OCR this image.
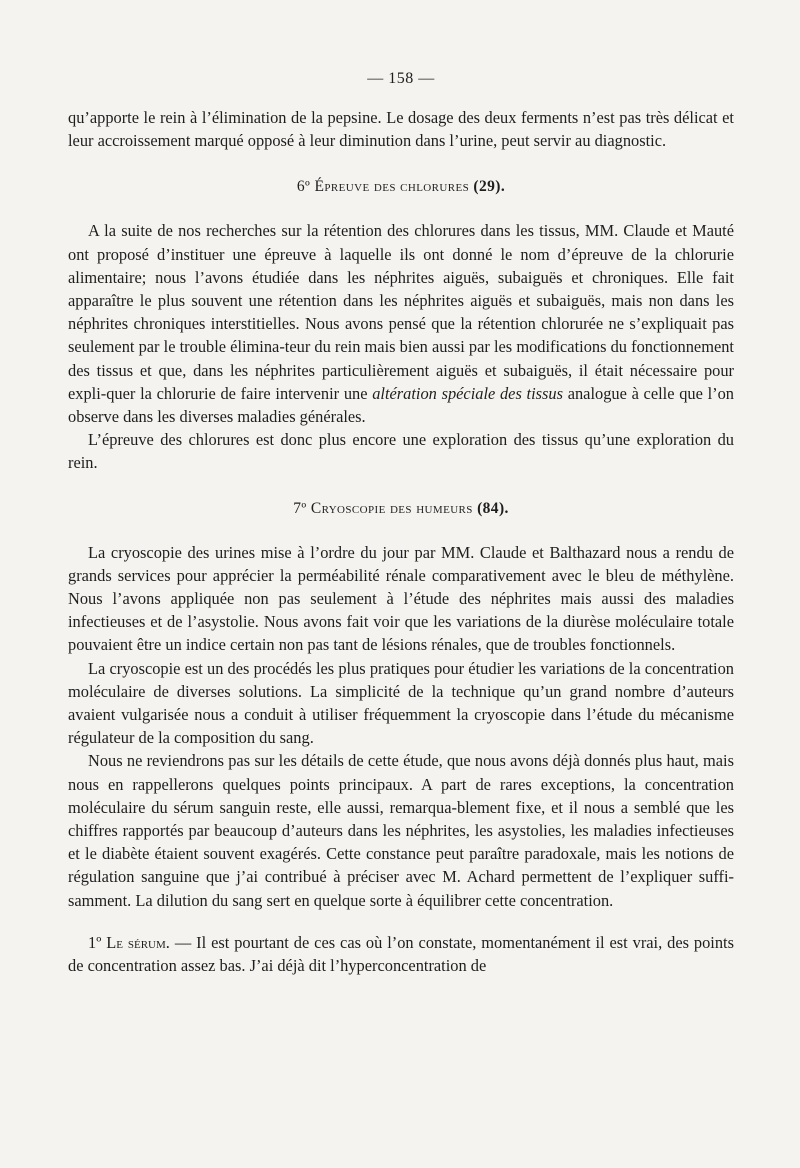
— 158 —

qu’apporte le rein à l’élimination de la pepsine. Le dosage des deux ferments n’est pas très délicat et leur accroissement marqué opposé à leur diminution dans l’urine, peut servir au diagnostic.

6º Épreuve des chlorures (29).

A la suite de nos recherches sur la rétention des chlorures dans les tissus, MM. Claude et Mauté ont proposé d’instituer une épreuve à laquelle ils ont donné le nom d’épreuve de la chlorurie alimentaire; nous l’avons étudiée dans les néphrites aiguës, subaiguës et chroniques. Elle fait apparaître le plus souvent une rétention dans les néphrites aiguës et subaiguës, mais non dans les néphrites chroniques interstitielles. Nous avons pensé que la rétention chlorurée ne s’expliquait pas seulement par le trouble élimina-teur du rein mais bien aussi par les modifications du fonctionnement des tissus et que, dans les néphrites particulièrement aiguës et subaiguës, il était nécessaire pour expli-quer la chlorurie de faire intervenir une altération spéciale des tissus analogue à celle que l’on observe dans les diverses maladies générales.

L’épreuve des chlorures est donc plus encore une exploration des tissus qu’une exploration du rein.

7º Cryoscopie des humeurs (84).

La cryoscopie des urines mise à l’ordre du jour par MM. Claude et Balthazard nous a rendu de grands services pour apprécier la perméabilité rénale comparativement avec le bleu de méthylène. Nous l’avons appliquée non pas seulement à l’étude des néphrites mais aussi des maladies infectieuses et de l’asystolie. Nous avons fait voir que les variations de la diurèse moléculaire totale pouvaient être un indice certain non pas tant de lésions rénales, que de troubles fonctionnels.

La cryoscopie est un des procédés les plus pratiques pour étudier les variations de la concentration moléculaire de diverses solutions. La simplicité de la technique qu’un grand nombre d’auteurs avaient vulgarisée nous a conduit à utiliser fréquemment la cryoscopie dans l’étude du mécanisme régulateur de la composition du sang.

Nous ne reviendrons pas sur les détails de cette étude, que nous avons déjà donnés plus haut, mais nous en rappellerons quelques points principaux. A part de rares exceptions, la concentration moléculaire du sérum sanguin reste, elle aussi, remarqua-blement fixe, et il nous a semblé que les chiffres rapportés par beaucoup d’auteurs dans les néphrites, les asystolies, les maladies infectieuses et le diabète étaient souvent exagérés. Cette constance peut paraître paradoxale, mais les notions de régulation sanguine que j’ai contribué à préciser avec M. Achard permettent de l’expliquer suffi-samment. La dilution du sang sert en quelque sorte à équilibrer cette concentration.

1º Le sérum. — Il est pourtant de ces cas où l’on constate, momentanément il est vrai, des points de concentration assez bas. J’ai déjà dit l’hyperconcentration de
